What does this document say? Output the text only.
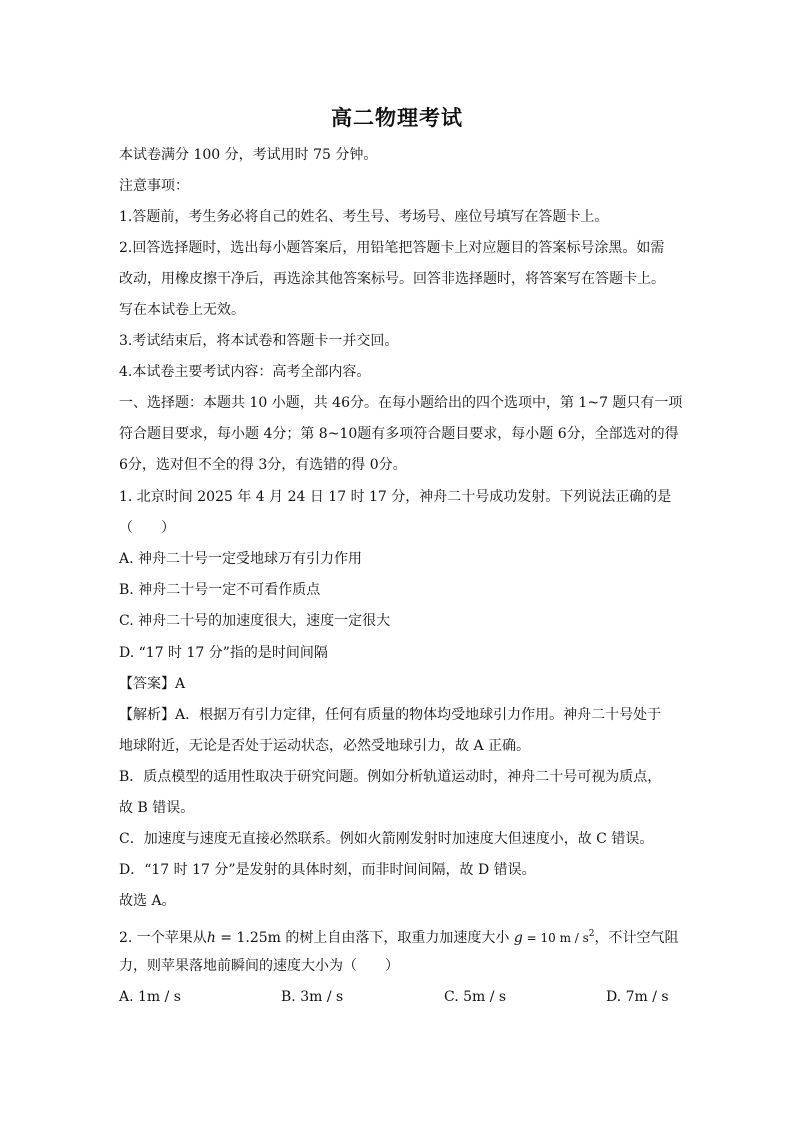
高二物理考试
本试卷满分 100 分，考试用时 75 分钟。
注意事项：
1.答题前，考生务必将自己的姓名、考生号、考场号、座位号填写在答题卡上。
2.回答选择题时，选出每小题答案后，用铅笔把答题卡上对应题目的答案标号涂黑。如需
改动，用橡皮擦干净后，再选涂其他答案标号。回答非选择题时，将答案写在答题卡上。
写在本试卷上无效。
3.考试结束后，将本试卷和答题卡一并交回。
4.本试卷主要考试内容：高考全部内容。
一、选择题：本题共 10 小题，共 46分。在每小题给出的四个选项中，第 1~7 题只有一项
符合题目要求，每小题 4分；第 8~10题有多项符合题目要求，每小题 6分，全部选对的得
6分，选对但不全的得 3分，有选错的得 0分。
1. 北京时间 2025 年 4 月 24 日 17 时 17 分，神舟二十号成功发射。下列说法正确的是
（　　）
A. 神舟二十号一定受地球万有引力作用
B. 神舟二十号一定不可看作质点
C. 神舟二十号的加速度很大，速度一定很大
D. “17 时 17 分”指的是时间间隔
【答案】A
【解析】A．根据万有引力定律，任何有质量的物体均受地球引力作用。神舟二十号处于
地球附近，无论是否处于运动状态，必然受地球引力，故 A 正确。
B．质点模型的适用性取决于研究问题。例如分析轨道运动时，神舟二十号可视为质点，
故 B 错误。
C．加速度与速度无直接必然联系。例如火箭刚发射时加速度大但速度小，故 C 错误。
D．“17 时 17 分”是发射的具体时刻，而非时间间隔，故 D 错误。
故选 A。
2. 一个苹果从h = 1.25m 的树上自由落下，取重力加速度大小 g = 10 m / $s^2$，不计空气阻
力，则苹果落地前瞬间的速度大小为（　　）
A. 1m / s	B. 3m / s	C. 5m / s	D. 7m / s
